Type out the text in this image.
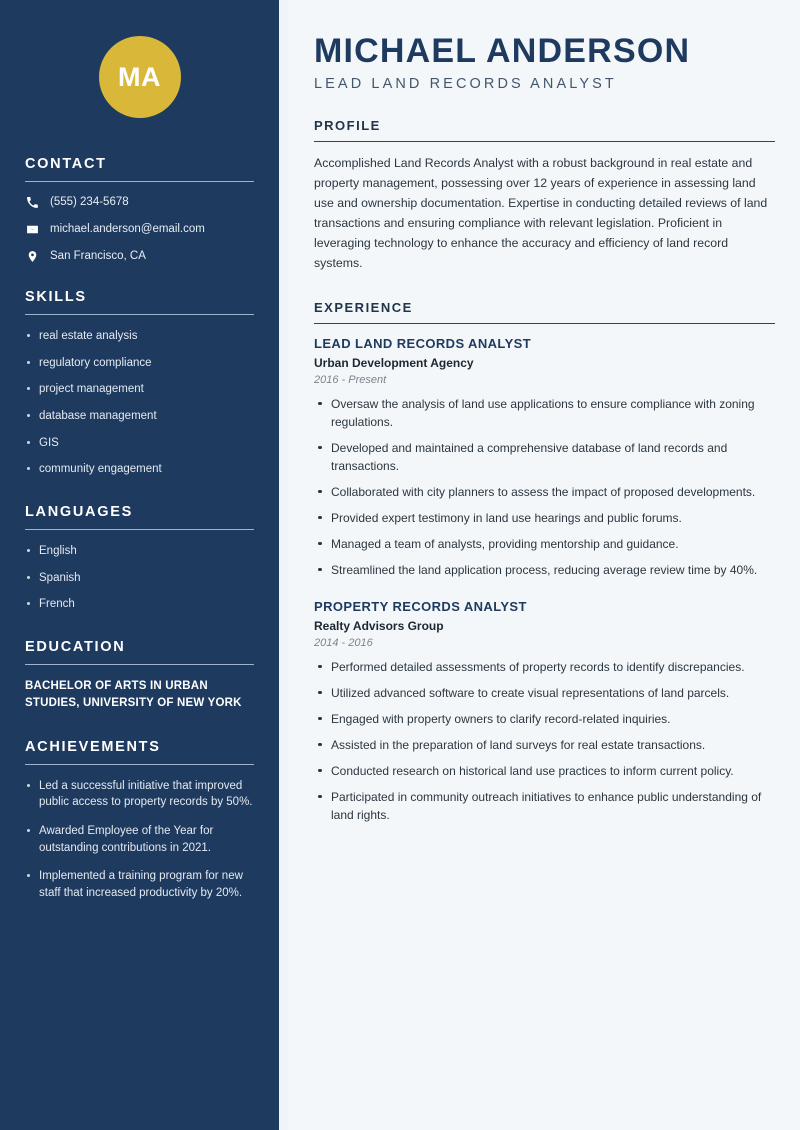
MA
CONTACT
(555) 234-5678
michael.anderson@email.com
San Francisco, CA
SKILLS
real estate analysis
regulatory compliance
project management
database management
GIS
community engagement
LANGUAGES
English
Spanish
French
EDUCATION
BACHELOR OF ARTS IN URBAN STUDIES, UNIVERSITY OF NEW YORK
ACHIEVEMENTS
Led a successful initiative that improved public access to property records by 50%.
Awarded Employee of the Year for outstanding contributions in 2021.
Implemented a training program for new staff that increased productivity by 20%.
MICHAEL ANDERSON
LEAD LAND RECORDS ANALYST
PROFILE

Accomplished Land Records Analyst with a robust background in real estate and property management, possessing over 12 years of experience in assessing land use and ownership documentation. Expertise in conducting detailed reviews of land transactions and ensuring compliance with relevant legislation. Proficient in leveraging technology to enhance the accuracy and efficiency of land record systems.

EXPERIENCE
LEAD LAND RECORDS ANALYST
Urban Development Agency
2016 - Present
Oversaw the analysis of land use applications to ensure compliance with zoning regulations.
Developed and maintained a comprehensive database of land records and transactions.
Collaborated with city planners to assess the impact of proposed developments.
Provided expert testimony in land use hearings and public forums.
Managed a team of analysts, providing mentorship and guidance.
Streamlined the land application process, reducing average review time by 40%.
PROPERTY RECORDS ANALYST
Realty Advisors Group
2014 - 2016
Performed detailed assessments of property records to identify discrepancies.
Utilized advanced software to create visual representations of land parcels.
Engaged with property owners to clarify record-related inquiries.
Assisted in the preparation of land surveys for real estate transactions.
Conducted research on historical land use practices to inform current policy.
Participated in community outreach initiatives to enhance public understanding of land rights.
